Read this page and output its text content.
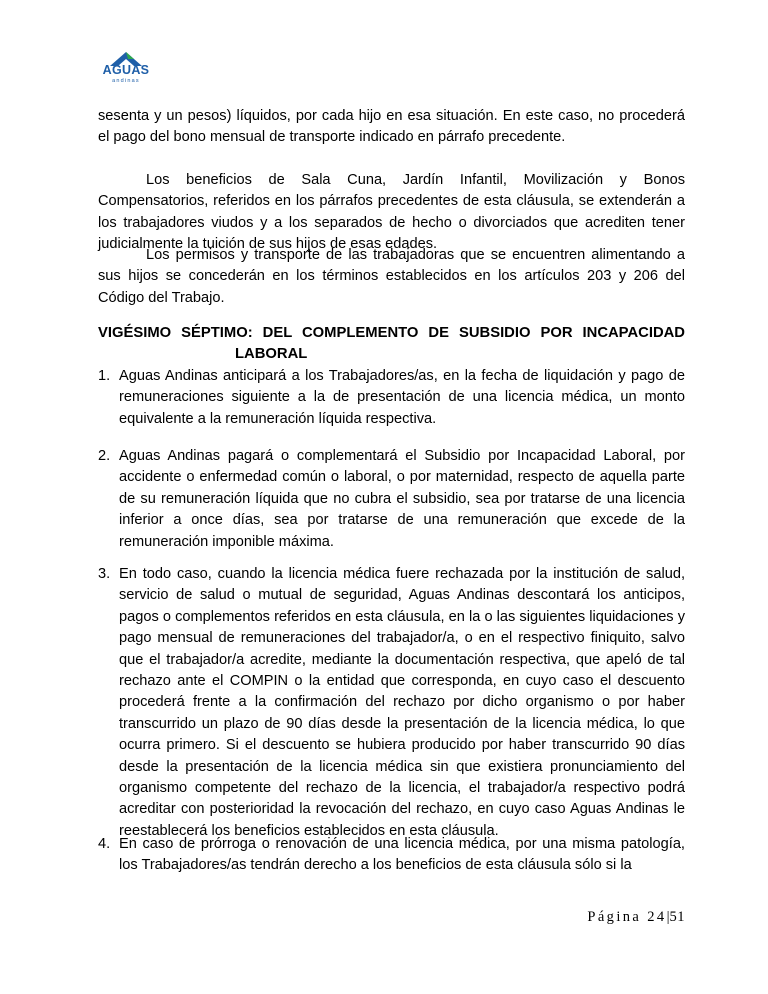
AGUAS
andinas

sesenta y un pesos) líquidos, por cada hijo en esa situación. En este caso, no procederá el pago del bono mensual de transporte indicado en párrafo precedente.

Los beneficios de Sala Cuna, Jardín Infantil, Movilización y Bonos Compensatorios, referidos en los párrafos precedentes de esta cláusula, se extenderán a los trabajadores viudos y a los separados de hecho o divorciados que acrediten tener judicialmente la tuición de sus hijos de esas edades.

Los permisos y transporte de las trabajadoras que se encuentren alimentando a sus hijos se concederán en los términos establecidos en los artículos 203 y 206 del Código del Trabajo.

VIGÉSIMO SÉPTIMO: DEL COMPLEMENTO DE SUBSIDIO POR INCAPACIDAD
LABORAL

1. Aguas Andinas anticipará a los Trabajadores/as, en la fecha de liquidación y pago de remuneraciones siguiente a la de presentación de una licencia médica, un monto equivalente a la remuneración líquida respectiva.

2. Aguas Andinas pagará o complementará el Subsidio por Incapacidad Laboral, por accidente o enfermedad común o laboral, o por maternidad, respecto de aquella parte de su remuneración líquida que no cubra el subsidio, sea por tratarse de una licencia inferior a once días, sea por tratarse de una remuneración que excede de la remuneración imponible máxima.

3. En todo caso, cuando la licencia médica fuere rechazada por la institución de salud, servicio de salud o mutual de seguridad, Aguas Andinas descontará los anticipos, pagos o complementos referidos en esta cláusula, en la o las siguientes liquidaciones y pago mensual de remuneraciones del trabajador/a, o en el respectivo finiquito, salvo que el trabajador/a acredite, mediante la documentación respectiva, que apeló de tal rechazo ante el COMPIN o la entidad que corresponda, en cuyo caso el descuento procederá frente a la confirmación del rechazo por dicho organismo o por haber transcurrido un plazo de 90 días desde la presentación de la licencia médica, lo que ocurra primero. Si el descuento se hubiera producido por haber transcurrido 90 días desde la presentación de la licencia médica sin que existiera pronunciamiento del organismo competente del rechazo de la licencia, el trabajador/a respectivo podrá acreditar con posterioridad la revocación del rechazo, en cuyo caso Aguas Andinas le reestablecerá los beneficios establecidos en esta cláusula.

4. En caso de prórroga o renovación de una licencia médica, por una misma patología, los Trabajadores/as tendrán derecho a los beneficios de esta cláusula sólo si la

Página 24|51
